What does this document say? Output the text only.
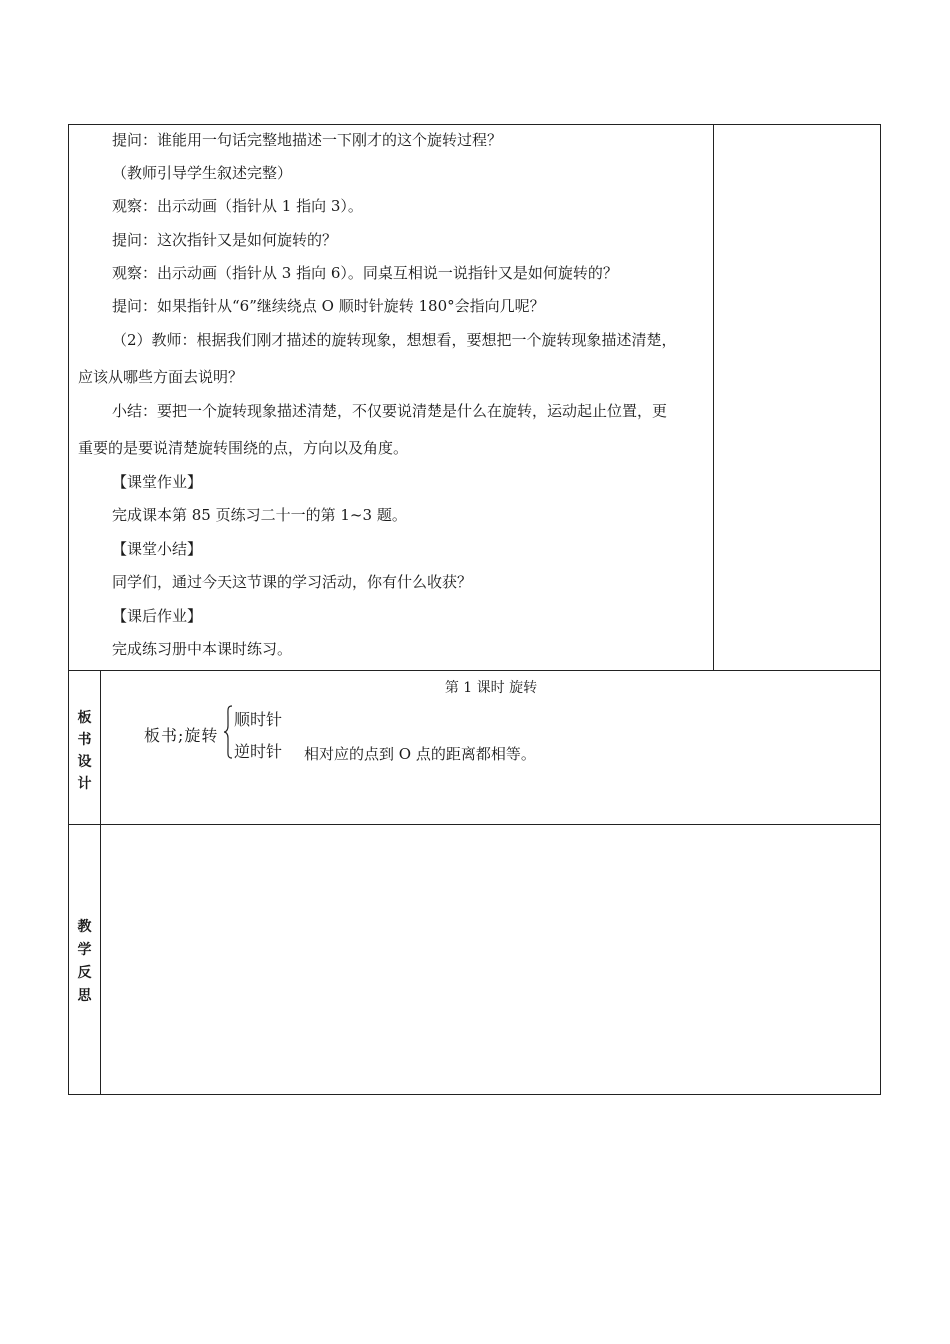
提问：谁能用一句话完整地描述一下刚才的这个旋转过程？
（教师引导学生叙述完整）
观察：出示动画（指针从 1 指向 3）。
提问：这次指针又是如何旋转的？
观察：出示动画（指针从 3 指向 6）。同桌互相说一说指针又是如何旋转的？
提问：如果指针从“6”继续绕点 O 顺时针旋转 180°会指向几呢？
（2）教师：根据我们刚才描述的旋转现象，想想看，要想把一个旋转现象描述清楚，
应该从哪些方面去说明？
小结：要把一个旋转现象描述清楚，不仅要说清楚是什么在旋转，运动起止位置，更
重要的是要说清楚旋转围绕的点，方向以及角度。
【课堂作业】
完成课本第 85 页练习二十一的第 1~3 题。
【课堂小结】
同学们，通过今天这节课的学习活动，你有什么收获？
【课后作业】
完成练习册中本课时练习。
板
书
设
计
第 1 课时 旋转
板书;旋转
顺时针
逆时针 相对应的点到 O 点的距离都相等。
教
学
反
思
